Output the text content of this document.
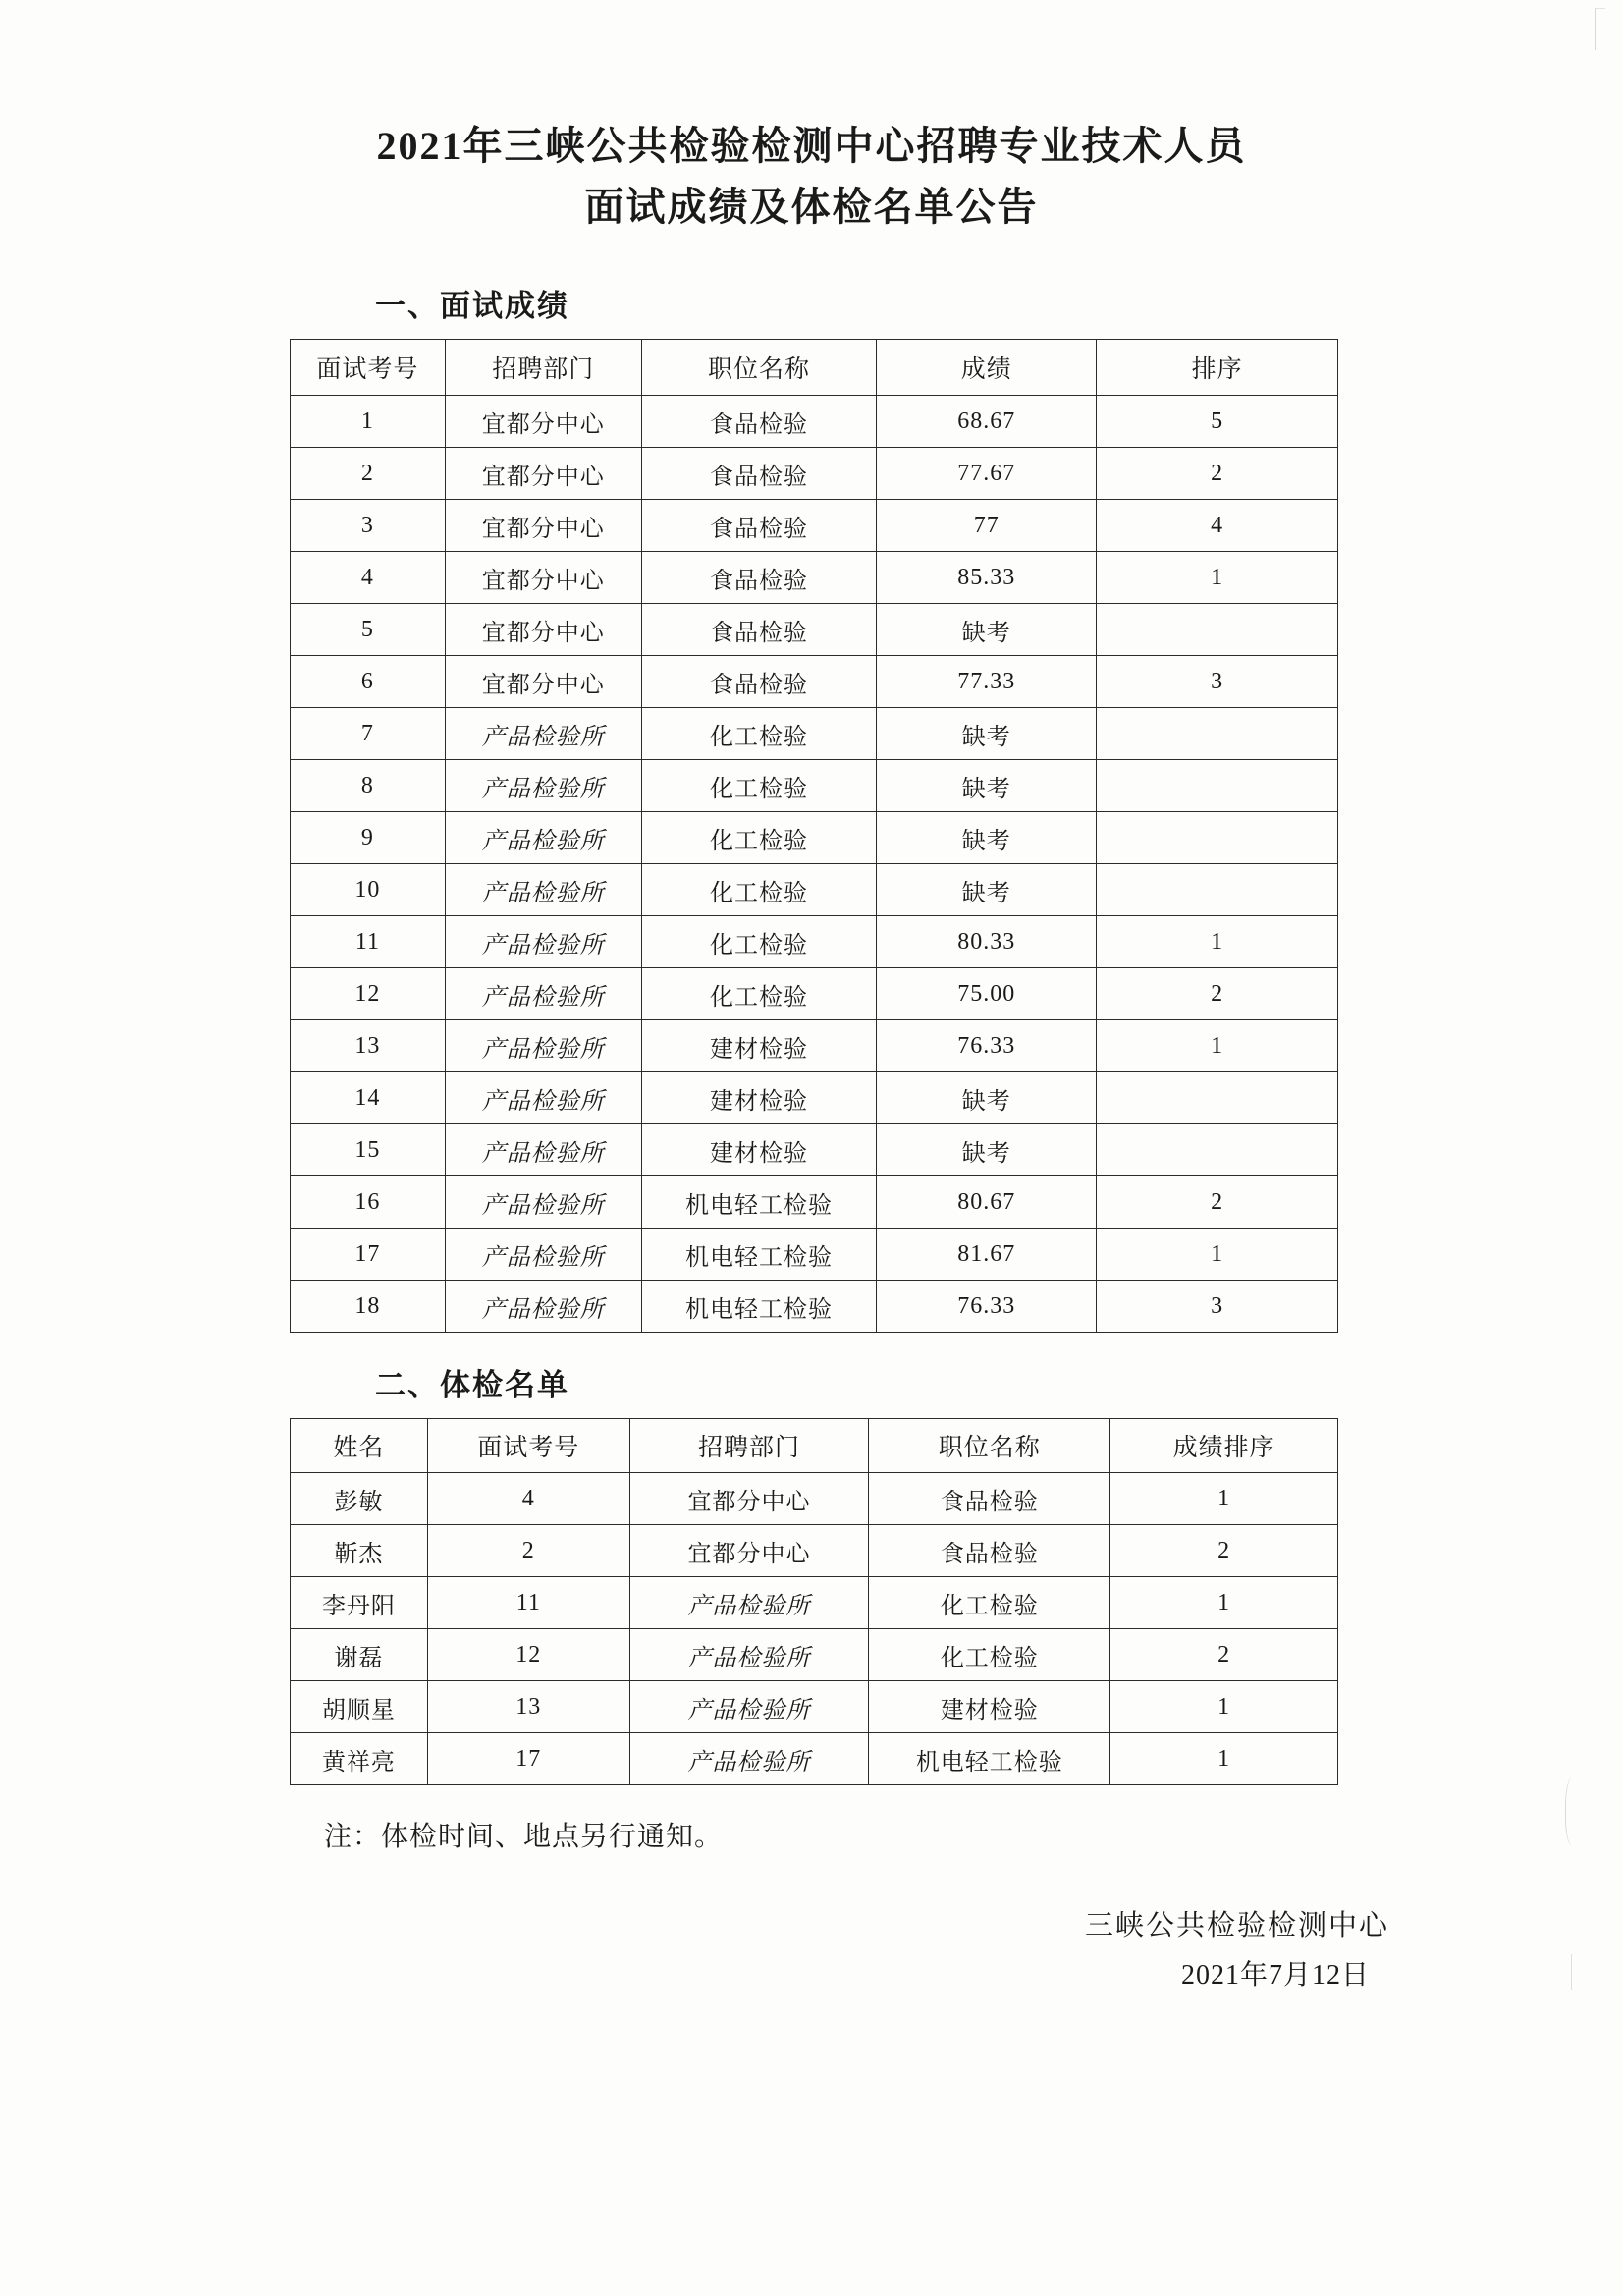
2021年三峡公共检验检测中心招聘专业技术人员
面试成绩及体检名单公告
一、面试成绩
面试考号	招聘部门	职位名称	成绩	排序
1	宜都分中心	食品检验	68.67	5
2	宜都分中心	食品检验	77.67	2
3	宜都分中心	食品检验	77	4
4	宜都分中心	食品检验	85.33	1
5	宜都分中心	食品检验	缺考	
6	宜都分中心	食品检验	77.33	3
7	产品检验所	化工检验	缺考	
8	产品检验所	化工检验	缺考	
9	产品检验所	化工检验	缺考	
10	产品检验所	化工检验	缺考	
11	产品检验所	化工检验	80.33	1
12	产品检验所	化工检验	75.00	2
13	产品检验所	建材检验	76.33	1
14	产品检验所	建材检验	缺考	
15	产品检验所	建材检验	缺考	
16	产品检验所	机电轻工检验	80.67	2
17	产品检验所	机电轻工检验	81.67	1
18	产品检验所	机电轻工检验	76.33	3
二、体检名单
姓名	面试考号	招聘部门	职位名称	成绩排序
彭敏	4	宜都分中心	食品检验	1
靳杰	2	宜都分中心	食品检验	2
李丹阳	11	产品检验所	化工检验	1
谢磊	12	产品检验所	化工检验	2
胡顺星	13	产品检验所	建材检验	1
黄祥亮	17	产品检验所	机电轻工检验	1
注：体检时间、地点另行通知。
三峡公共检验检测中心
2021年7月12日
